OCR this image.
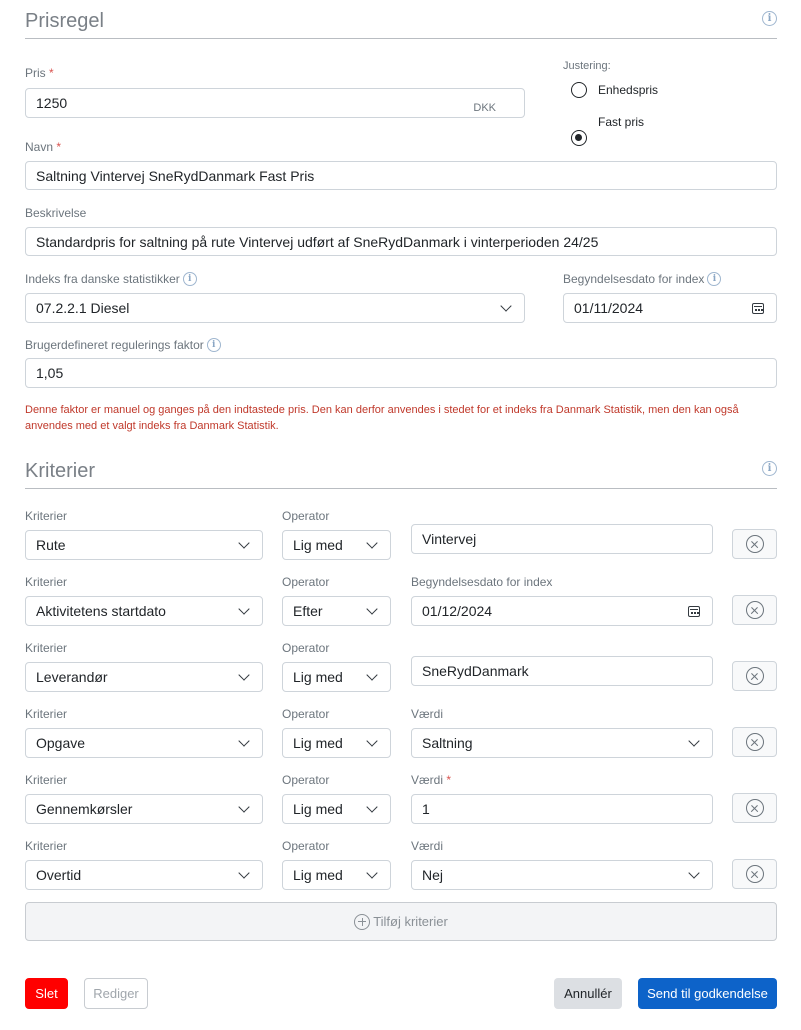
Prisregel	i
Pris *
1250	DKK
Justering:
Enhedspris
Fast pris
Navn *
Saltning Vintervej SneRydDanmark Fast Pris
Beskrivelse
Standardpris for saltning på rute Vintervej udført af SneRydDanmark i vinterperioden 24/25
Indeks fra danske statistikker i
07.2.2.1 Diesel
Begyndelsesdato for index i
01/11/2024
Brugerdefineret regulerings faktor i
1,05
Denne faktor er manuel og ganges på den indtastede pris. Den kan derfor anvendes i stedet for et indeks fra Danmark Statistik, men den kan også anvendes med et valgt indeks fra Danmark Statistik.
Kriterier	i
Kriterier
Rute
Operator
Lig med	Vintervej
Kriterier
Aktivitetens startdato
Operator
Efter
Begyndelsesdato for index
01/12/2024
Kriterier
Leverandør
Operator
Lig med	SneRydDanmark
Kriterier
Opgave
Operator
Lig med
Værdi
Saltning
Kriterier
Gennemkørsler
Operator
Lig med
Værdi *
1
Kriterier
Overtid
Operator
Lig med
Værdi
Nej
Tilføj kriterier
Slet	Rediger	Annullér	Send til godkendelse
